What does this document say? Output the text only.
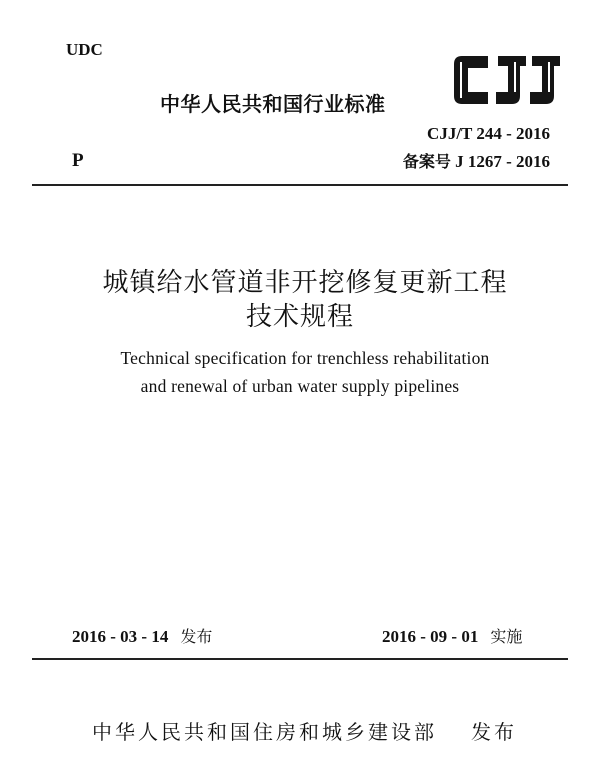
UDC
中华人民共和国行业标准
CJJ/T 244 - 2016
备案号 J 1267 - 2016
P
城镇给水管道非开挖修复更新工程
技术规程
Technical specification for trenchless rehabilitation
and renewal of urban water supply pipelines
2016 - 03 - 14 发布	2016 - 09 - 01 实施
中华人民共和国住房和城乡建设部 发布
